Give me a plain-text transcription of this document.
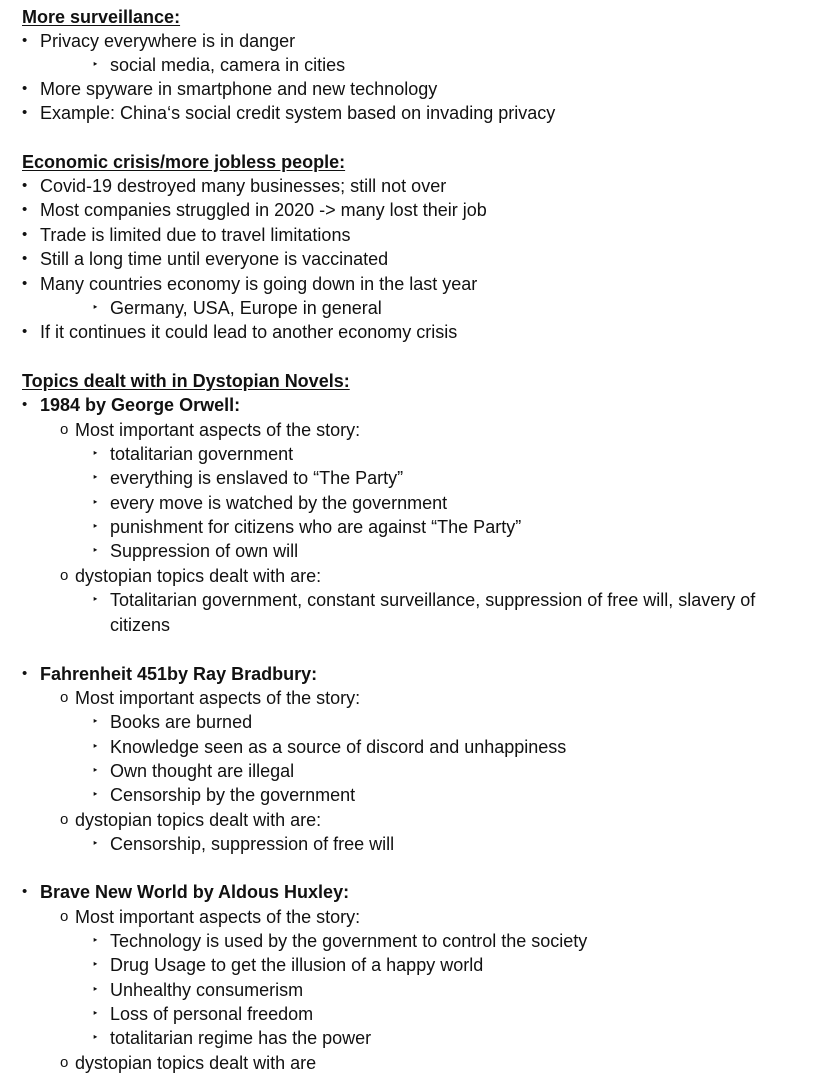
More surveillance:
• Privacy everywhere is in danger
‣ social media, camera in cities
• More spyware in smartphone and new technology
• Example: China‘s social credit system based on invading privacy
Economic crisis/more jobless people:
• Covid-19 destroyed many businesses; still not over
• Most companies struggled in 2020 -> many lost their job
• Trade is limited due to travel limitations
• Still a long time until everyone is vaccinated
• Many countries economy is going down in the last year
‣ Germany, USA, Europe in general
• If it continues it could lead to another economy crisis
Topics dealt with in Dystopian Novels:
• 1984 by George Orwell:
o Most important aspects of the story:
‣ totalitarian government
‣ everything is enslaved to “The Party”
‣ every move is watched by the government
‣ punishment for citizens who are against “The Party”
‣ Suppression of own will
o dystopian topics dealt with are:
‣ Totalitarian government, constant surveillance, suppression of free will, slavery of citizens
• Fahrenheit 451by Ray Bradbury:
o Most important aspects of the story:
‣ Books are burned
‣ Knowledge seen as a source of discord and unhappiness
‣ Own thought are illegal
‣ Censorship by the government
o dystopian topics dealt with are:
‣ Censorship, suppression of free will
• Brave New World by Aldous Huxley:
o Most important aspects of the story:
‣ Technology is used by the government to control the society
‣ Drug Usage to get the illusion of a happy world
‣ Unhealthy consumerism
‣ Loss of personal freedom
‣ totalitarian regime has the power
o dystopian topics dealt with are
